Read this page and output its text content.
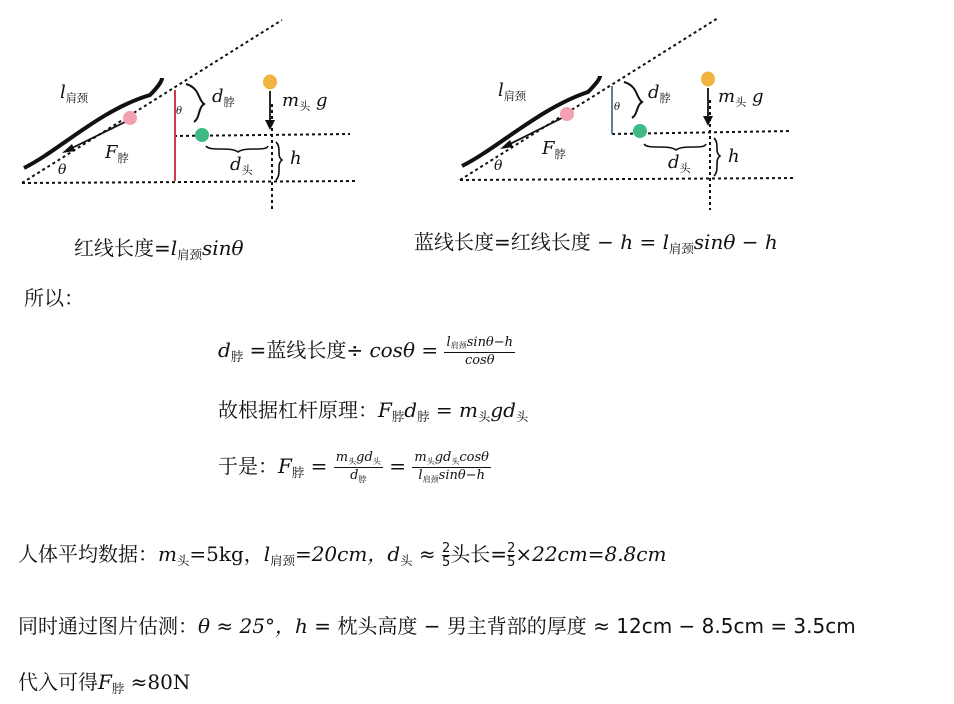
l肩颈	d脖	m头 g
F脖
θ
θ
d头
h
l肩颈	d脖	m头 g
F脖
θ
θ
d头
h
红线长度=l肩颈sinθ	蓝线长度=红线长度 − h = l肩颈sinθ − h
所以：
d脖 =蓝线长度÷ $\cos\theta = \frac{\text{l肩颈sinθ−h}}{\cos\theta}$
故根据杠杆原理：F脖d脖 = m头gd头
于是：F脖 = $\frac{\text{m头gd头}}{\text{d脖}} = \frac{\text{m头gd头cosθ}}{\text{l肩颈sinθ−h}}$
人体平均数据：m头=5kg，l肩颈=20cm，d头 ≈ $\frac{2}{5}$头长= $\frac{2}{5}\times 22cm=8.8cm$
同时通过图片估测：θ ≈ 25°，h = 枕头高度 − 男主背部的厚度 ≈ 12cm − 8.5cm = 3.5cm
代入可得F脖 ≈80N
